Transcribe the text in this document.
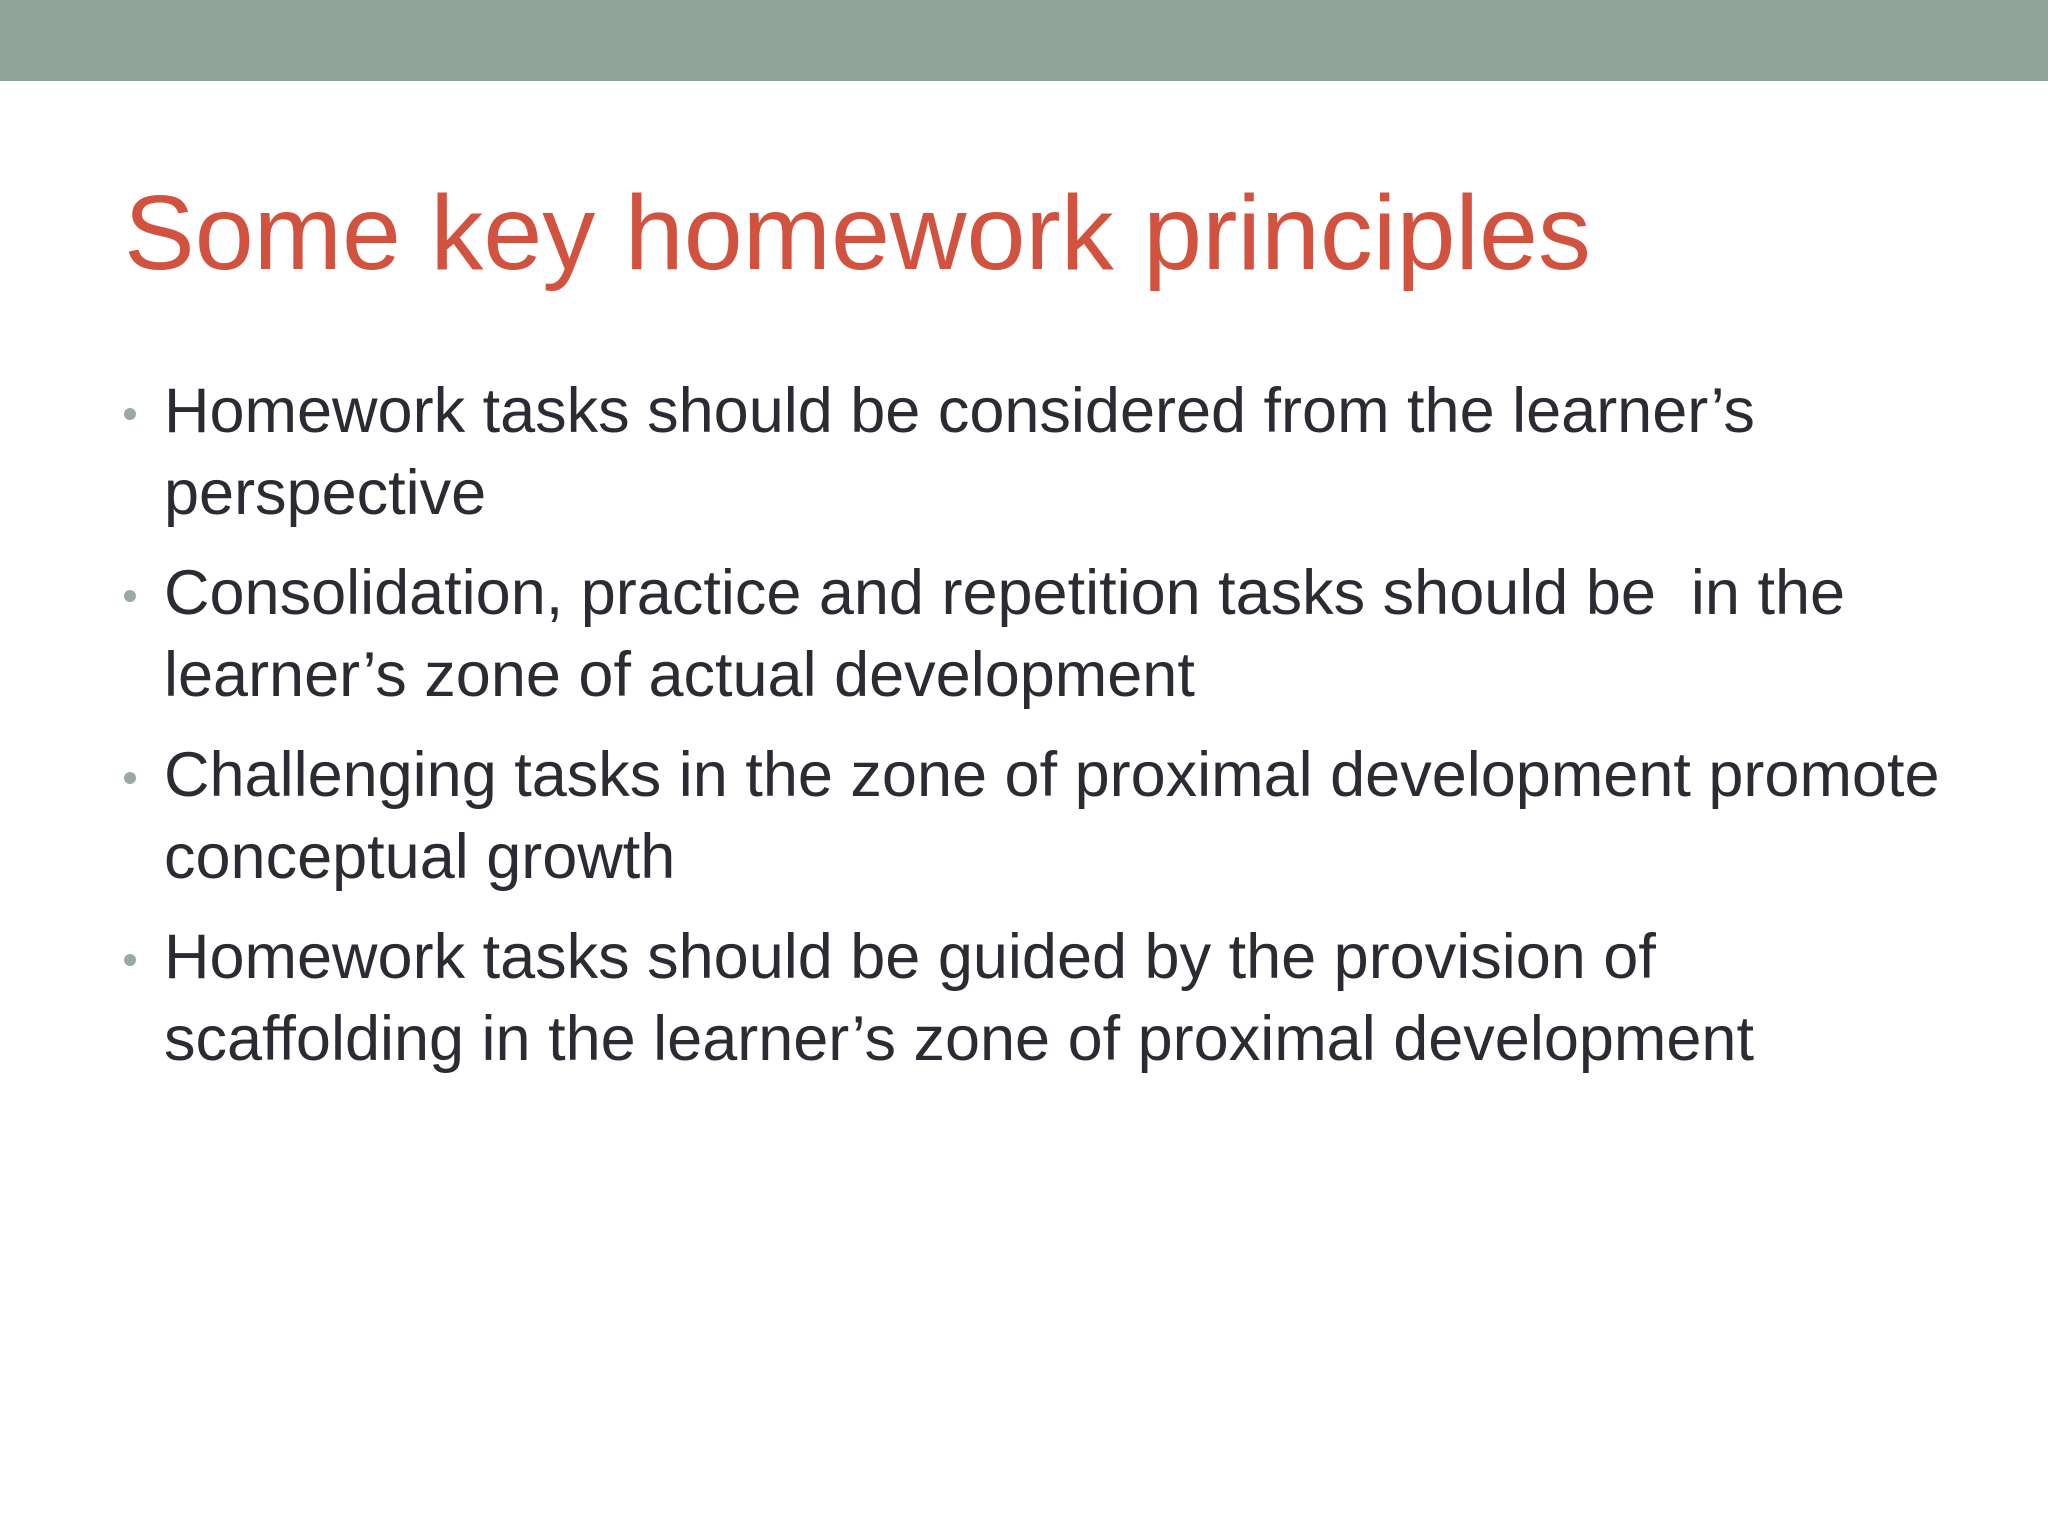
Some key homework principles
Homework tasks should be considered from the learner’s perspective
Consolidation, practice and repetition tasks should be  in the learner’s zone of actual development
Challenging tasks in the zone of proximal development promote conceptual growth
Homework tasks should be guided by the provision of scaffolding in the learner’s zone of proximal development
